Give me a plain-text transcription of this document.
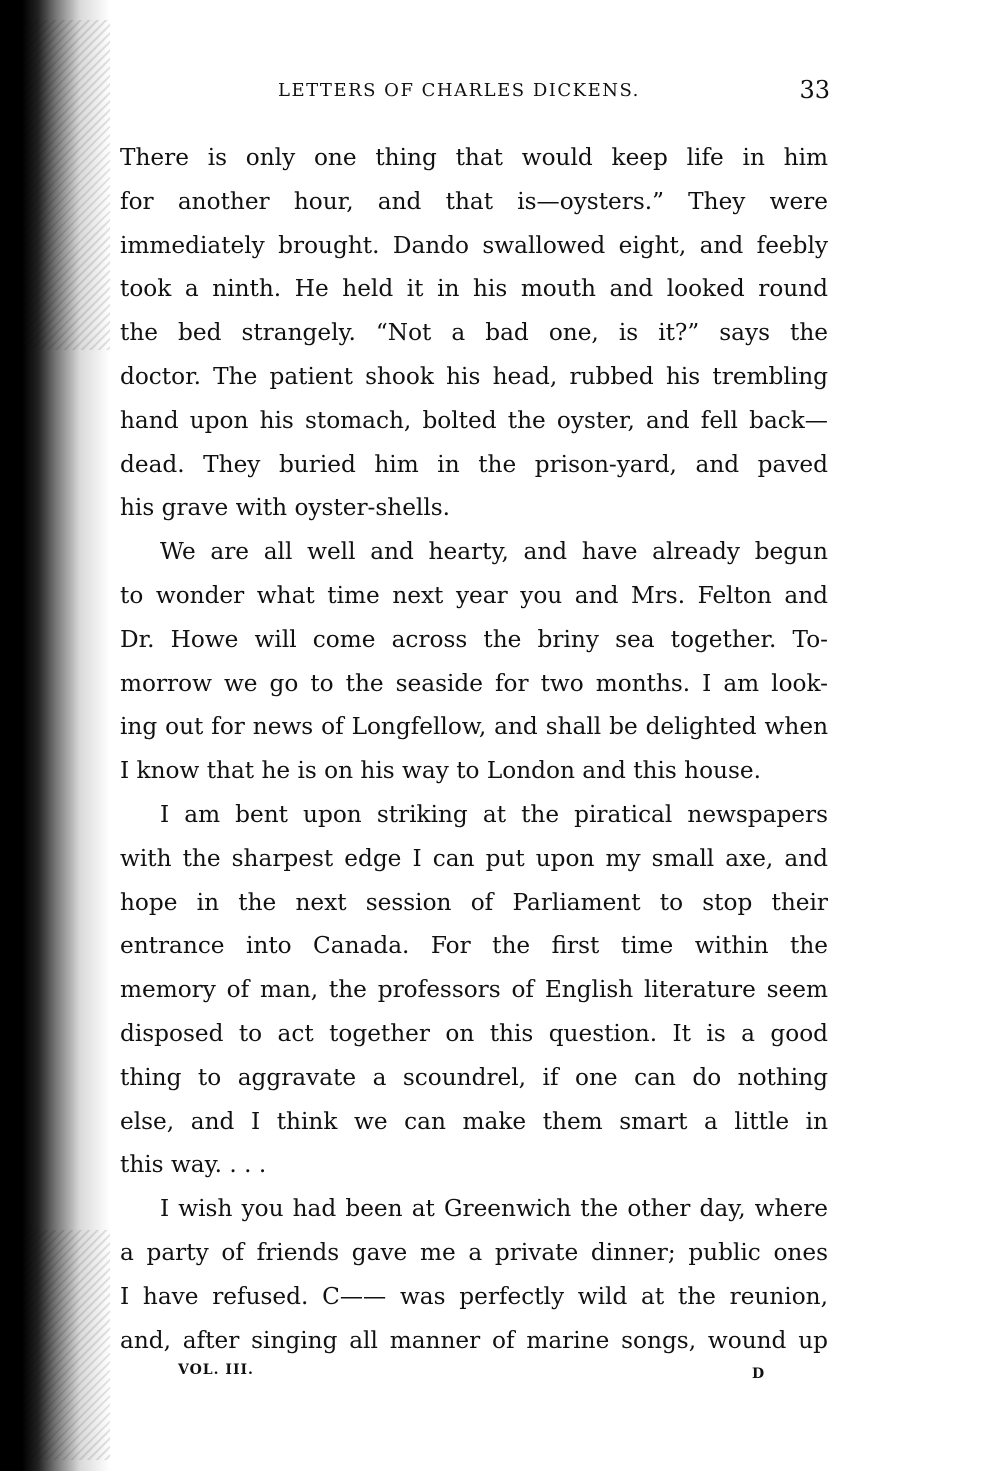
LETTERS OF CHARLES DICKENS.	33
There is only one thing that would keep life in him
for another hour, and that is—oysters.” They were
immediately brought. Dando swallowed eight, and feebly
took a ninth. He held it in his mouth and looked round
the bed strangely. “Not a bad one, is it?” says the
doctor. The patient shook his head, rubbed his trembling
hand upon his stomach, bolted the oyster, and fell back—
dead. They buried him in the prison-yard, and paved
his grave with oyster-shells.
We are all well and hearty, and have already begun
to wonder what time next year you and Mrs. Felton and
Dr. Howe will come across the briny sea together. To-
morrow we go to the seaside for two months. I am look-
ing out for news of Longfellow, and shall be delighted when
I know that he is on his way to London and this house.
I am bent upon striking at the piratical newspapers
with the sharpest edge I can put upon my small axe, and
hope in the next session of Parliament to stop their
entrance into Canada. For the first time within the
memory of man, the professors of English literature seem
disposed to act together on this question. It is a good
thing to aggravate a scoundrel, if one can do nothing
else, and I think we can make them smart a little in
this way. . . .
I wish you had been at Greenwich the other day, where
a party of friends gave me a private dinner; public ones
I have refused. C—— was perfectly wild at the reunion,
and, after singing all manner of marine songs, wound up
VOL. III.	D
